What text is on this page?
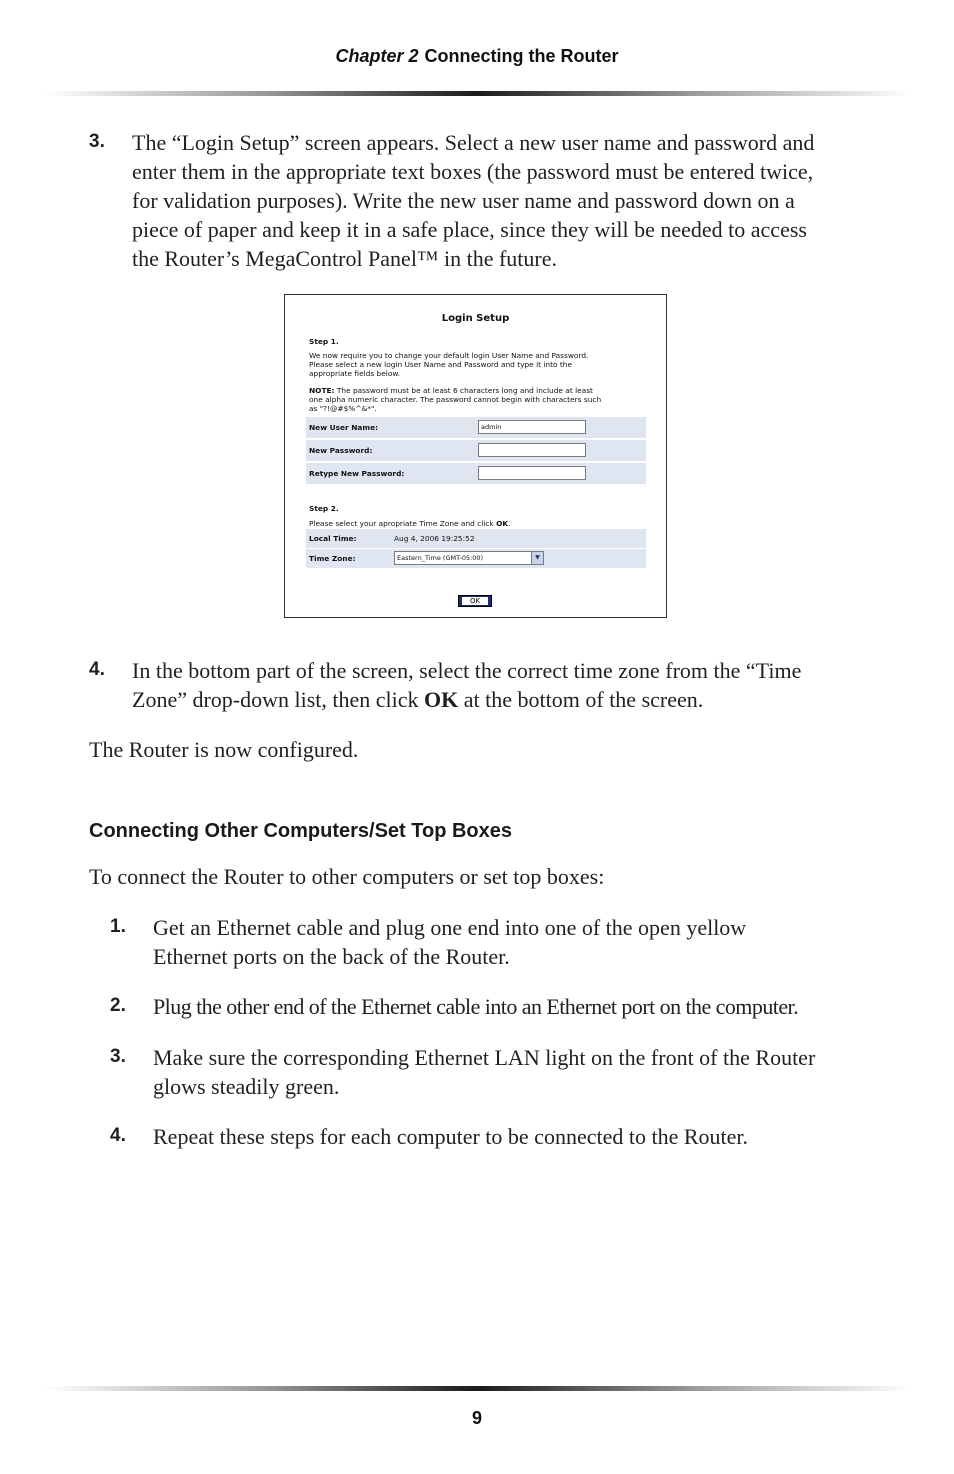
Chapter 2 Connecting the Router
3. The “Login Setup” screen appears. Select a new user name and password and
enter them in the appropriate text boxes (the password must be entered twice,
for validation purposes). Write the new user name and password down on a
piece of paper and keep it in a safe place, since they will be needed to access
the Router’s MegaControl Panel™ in the future.
Login Setup
Step 1.
We now require you to change your default login User Name and Password.
Please select a new login User Name and Password and type it into the
appropriate fields below.
NOTE: The password must be at least 6 characters long and include at least
one alpha numeric character. The password cannot begin with characters such
as "?!@#$%^&*".
New User Name:	admin
New Password:
Retype New Password:
Step 2.
Please select your apropriate Time Zone and click OK.
Local Time:	Aug 4, 2006 19:25:52
Time Zone:	Eastern_Time (GMT-05:00)	▼
OK
4. In the bottom part of the screen, select the correct time zone from the “Time
Zone” drop-down list, then click OK at the bottom of the screen.
The Router is now configured.
Connecting Other Computers/Set Top Boxes
To connect the Router to other computers or set top boxes:
1. Get an Ethernet cable and plug one end into one of the open yellow
Ethernet ports on the back of the Router.
2. Plug the other end of the Ethernet cable into an Ethernet port on the computer.
3. Make sure the corresponding Ethernet LAN light on the front of the Router
glows steadily green.
4. Repeat these steps for each computer to be connected to the Router.
9
